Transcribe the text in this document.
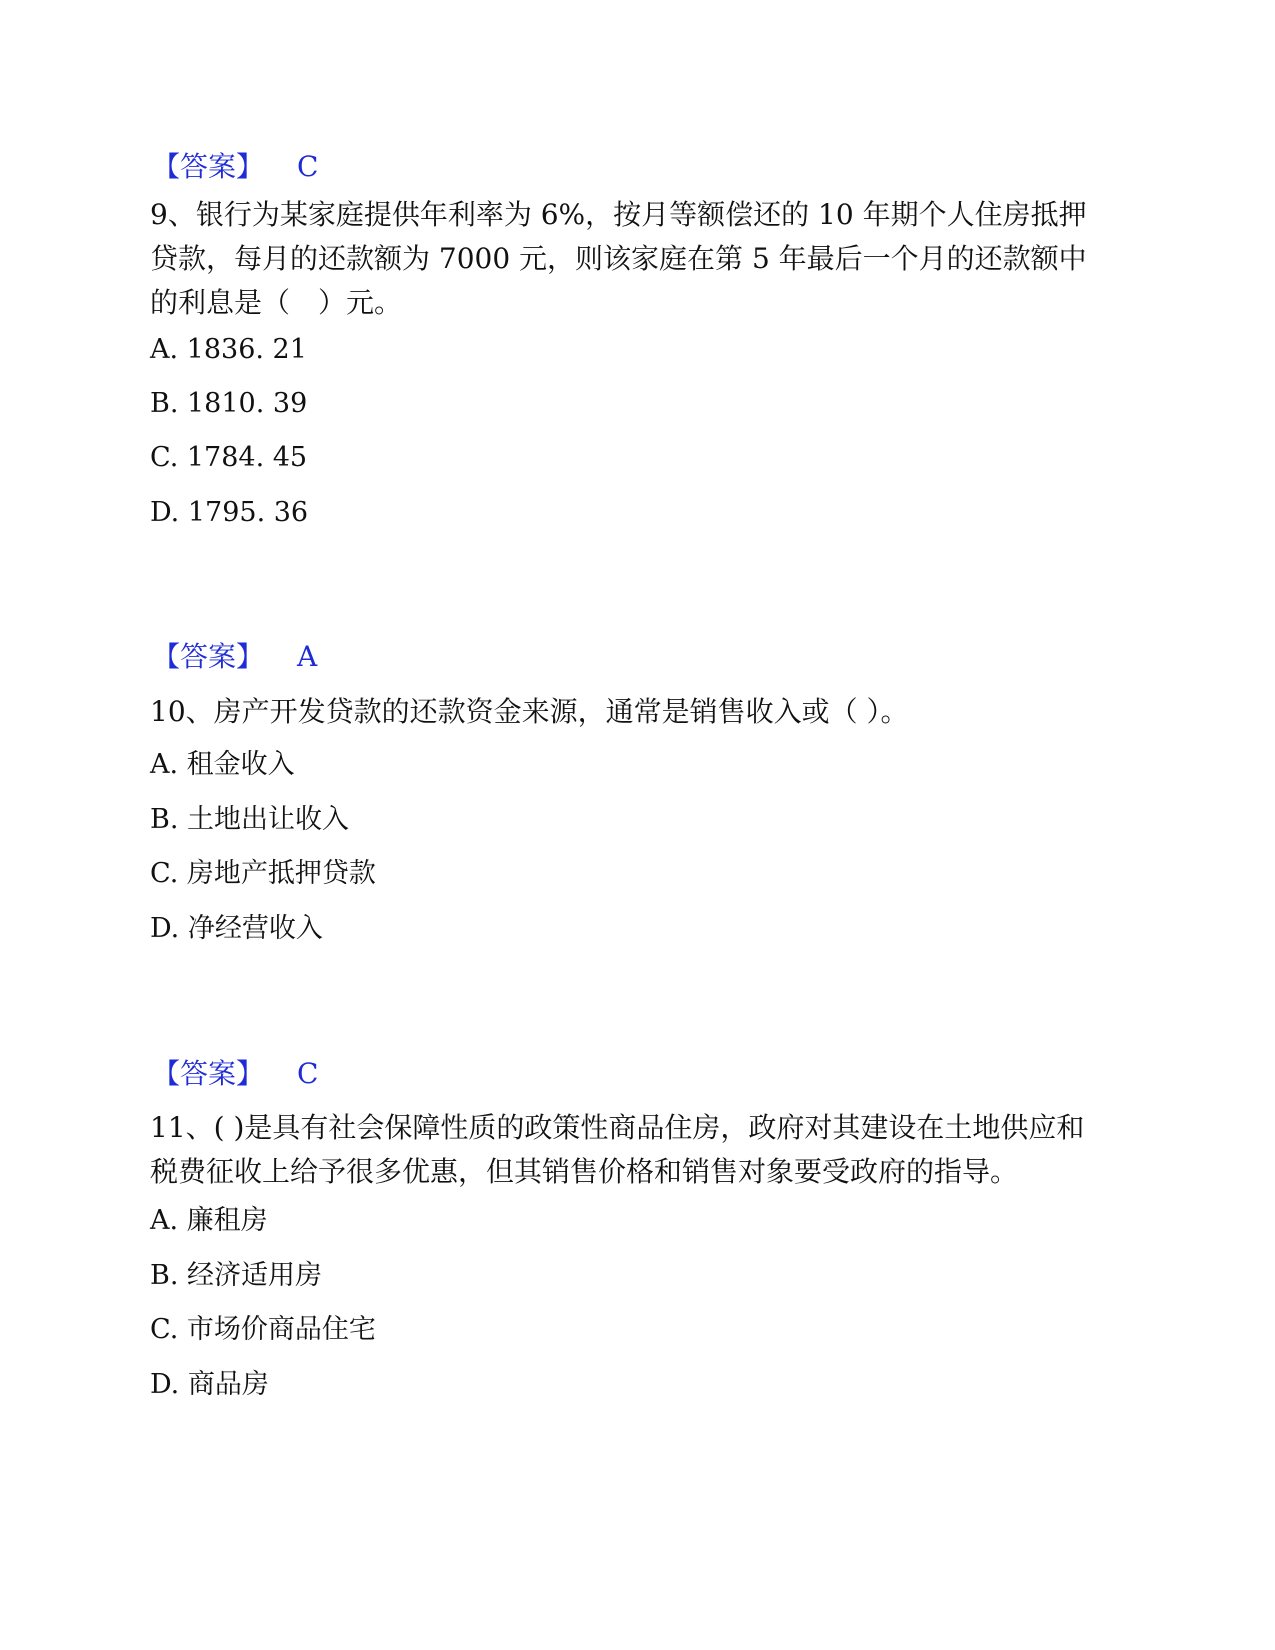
【答案】 C
9、银行为某家庭提供年利率为 6%，按月等额偿还的 10 年期个人住房抵押贷款，每月的还款额为 7000 元，则该家庭在第 5 年最后一个月的还款额中的利息是（　）元。
A. 1836. 21
B. 1810. 39
C. 1784. 45
D. 1795. 36
【答案】 A
10、房产开发贷款的还款资金来源，通常是销售收入或（ ）。
A. 租金收入
B. 土地出让收入
C. 房地产抵押贷款
D. 净经营收入
【答案】 C
11、( )是具有社会保障性质的政策性商品住房，政府对其建设在土地供应和税费征收上给予很多优惠，但其销售价格和销售对象要受政府的指导。
A. 廉租房
B. 经济适用房
C. 市场价商品住宅
D. 商品房
